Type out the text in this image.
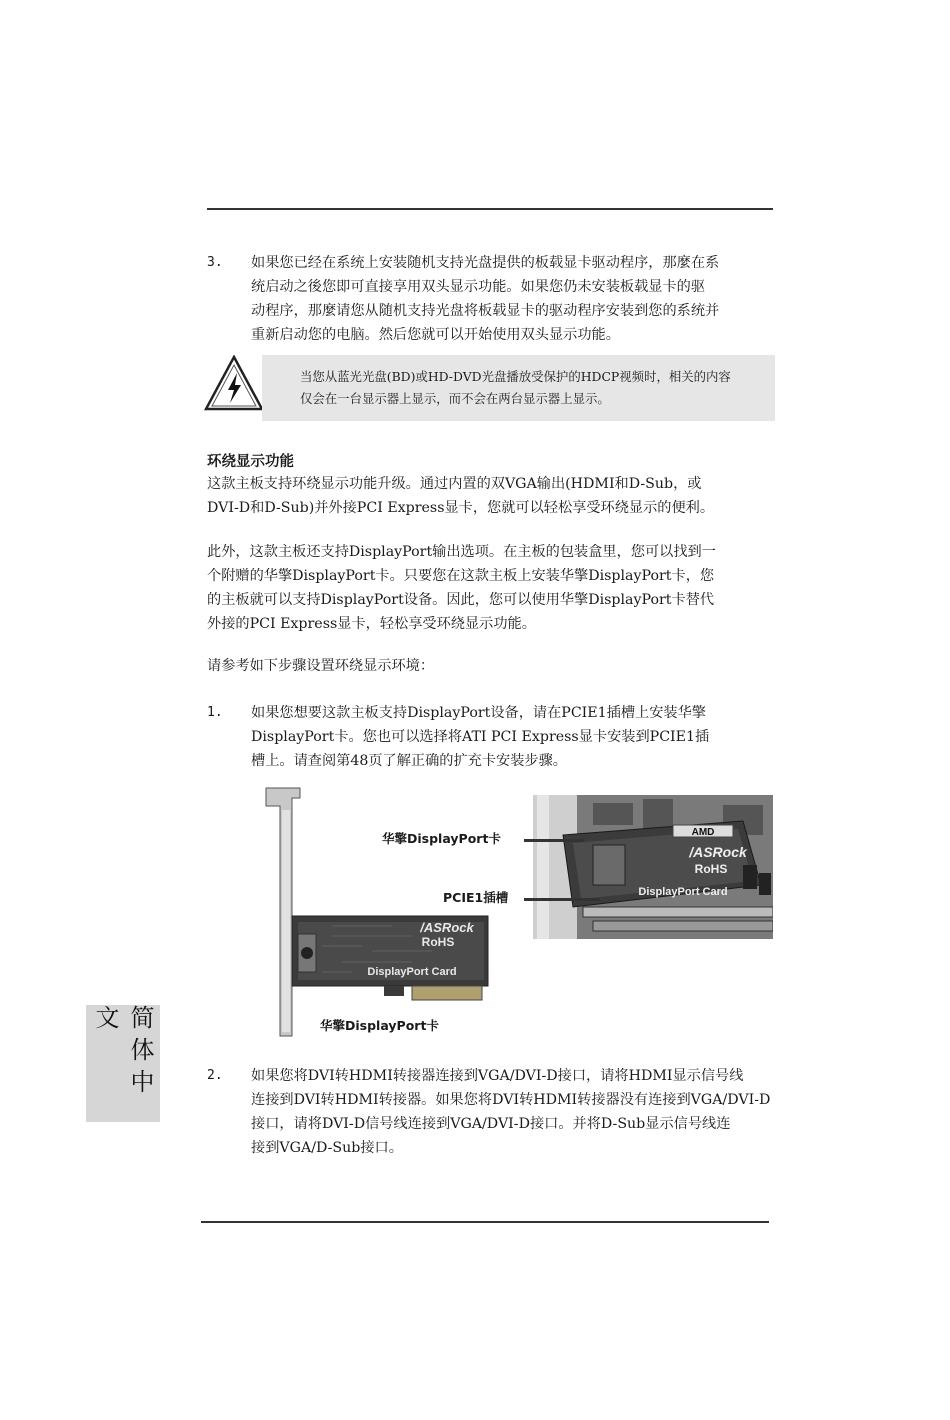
3. 如果您已经在系统上安装随机支持光盘提供的板载显卡驱动程序，那麼在系
统启动之後您即可直接享用双头显示功能。如果您仍未安装板载显卡的驱
动程序，那麼请您从随机支持光盘将板载显卡的驱动程序安装到您的系统并
重新启动您的电脑。然后您就可以开始使用双头显示功能。
当您从蓝光光盘(BD)或HD-DVD光盘播放受保护的HDCP视频时，相关的内容
仅会在一台显示器上显示，而不会在两台显示器上显示。
环绕显示功能
这款主板支持环绕显示功能升级。通过内置的双VGA输出(HDMI和D-Sub，或
DVI-D和D-Sub)并外接PCI Express显卡，您就可以轻松享受环绕显示的便利。
此外，这款主板还支持DisplayPort输出选项。在主板的包装盒里，您可以找到一
个附赠的华擎DisplayPort卡。只要您在这款主板上安装华擎DisplayPort卡，您
的主板就可以支持DisplayPort设备。因此，您可以使用华擎DisplayPort卡替代
外接的PCI Express显卡，轻松享受环绕显示功能。
请参考如下步骤设置环绕显示环境：
1. 如果您想要这款主板支持DisplayPort设备，请在PCIE1插槽上安装华擎
DisplayPort卡。您也可以选择将ATI PCI Express显卡安装到PCIE1插
槽上。请查阅第48页了解正确的扩充卡安装步骤。
/ASRock
RoHS
DisplayPort Card
AMD
/ASRock
RoHS
DisplayPort Card
华擎DisplayPort卡
PCIE1插槽
华擎DisplayPort卡
2. 如果您将DVI转HDMI转接器连接到VGA/DVI-D接口，请将HDMI显示信号线
连接到DVI转HDMI转接器。如果您将DVI转HDMI转接器没有连接到VGA/DVI-D
接口，请将DVI-D信号线连接到VGA/DVI-D接口。并将D-Sub显示信号线连
接到VGA/D-Sub接口。
简体中文
